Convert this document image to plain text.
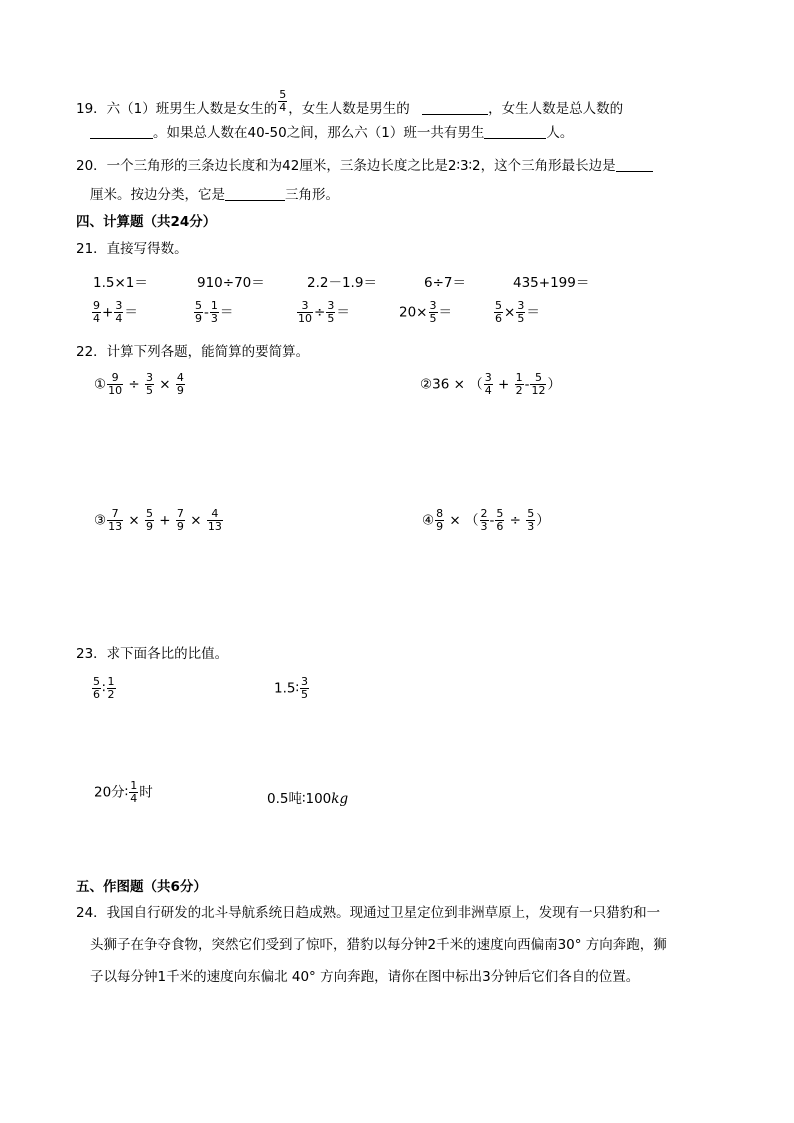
19．六（1）班男生人数是女生的 $\frac{5}{4}$ ，女生人数是男生的	，女生人数是总人数的
。如果总人数在40-50之间，那么六（1）班一共有男生	人。
20．一个三角形的三条边长度和为42厘米，三条边长度之比是2∶3∶2，这个三角形最长边是
厘米。按边分类，它是	三角形。
四、计算题（共24分）
21．直接写得数。
1.5×1＝	910÷70＝	2.2－1.9＝	6÷7＝	435+199＝
$\frac{9}{4} + \frac{3}{4}$ ＝	$\frac{5}{9} - \frac{1}{3}$ ＝	$\frac{3}{10} \div \frac{3}{5}$ ＝	$20\times \frac{3}{5}$ ＝	$\frac{5}{6} \times \frac{3}{5}$ ＝
22．计算下列各题，能简算的要简算。
① $\frac{9}{10} \div \frac{3}{5} \times \frac{4}{9}$	②36 × （ $\frac{3}{4} + \frac{1}{2} - \frac{5}{12}$ ）
③ $\frac{7}{13} \times \frac{5}{9} + \frac{7}{9} \times \frac{4}{13}$	④ $\frac{8}{9}$ × （ $\frac{2}{3} - \frac{5}{6} \div \frac{5}{3}$ ）
23．求下面各比的比值。
$\frac{5}{6}$ ∶ $\frac{1}{2}$	1.5∶ $\frac{3}{5}$
20分∶ $\frac{1}{4}$ 时	0.5吨∶100kg
五、作图题（共6分）
24．我国自行研发的北斗导航系统日趋成熟。现通过卫星定位到非洲草原上，发现有一只猎豹和一
头狮子在争夺食物，突然它们受到了惊吓，猎豹以每分钟2千米的速度向西偏南30° 方向奔跑，狮
子以每分钟1千米的速度向东偏北 40° 方向奔跑，请你在图中标出3分钟后它们各自的位置。
